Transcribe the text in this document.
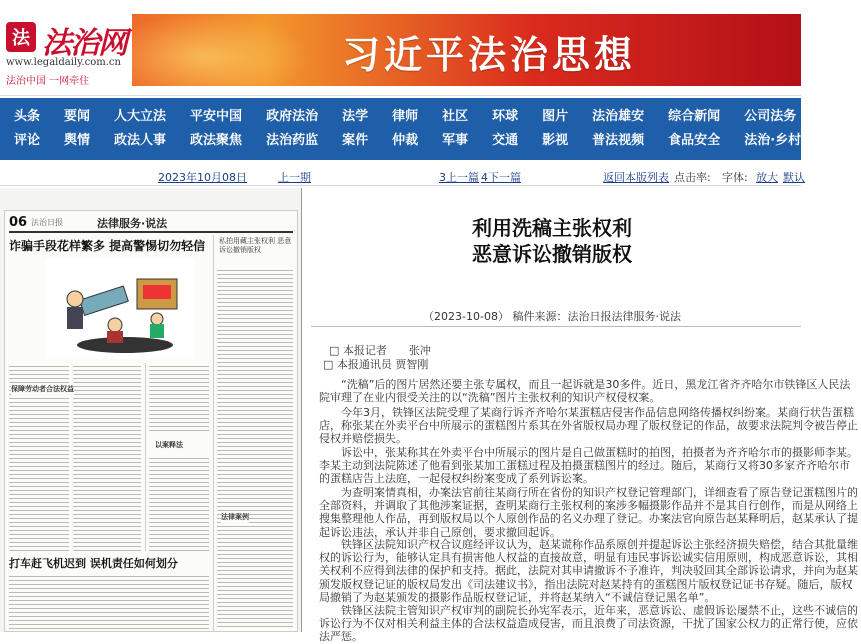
法 法治网
www.legaldaily.com.cn
法治中国 一网牵住
习近平法治思想
头条	要闻	人大立法	平安中国	政府法治	法学	律师	社区	环球	图片	法治雄安	综合新闻	公司法务	粤港
评论	舆情	政法人事	政法聚焦	法治药监	案件	仲裁	军事	交通	影视	普法视频	食品安全	法治·乡村	互联
2023年10月08日	上一期	3上一篇 4下一篇	返回本版列表 点击率: 字体: 放大 默认
06 法治日报	法律服务·说法
诈骗手段花样繁多 提高警惕切勿轻信 私拍用藏主张权利 恶意诉讼撤销版权
保障劳动者合法权益
以案释法
法律案例
打车赶飞机迟到 误机责任如何划分
利用洗稿主张权利
恶意诉讼撤销版权
（2023-10-08） 稿件来源：法治日报法律服务·说法
□ 本报记者　　张冲
□ 本报通讯员 贾智刚

“洗稿”后的图片居然还要主张专属权，而且一起诉就是30多件。近日，黑龙江省齐齐哈尔市铁锋区人民法院审理了在业内很受关注的以“洗稿”图片主张权利的知识产权侵权案。

今年3月，铁锋区法院受理了某商行诉齐齐哈尔某蛋糕店侵害作品信息网络传播权纠纷案。某商行状告蛋糕店，称张某在外卖平台中所展示的蛋糕图片系其在外省版权局办理了版权登记的作品，故要求法院判令被告停止侵权并赔偿损失。

诉讼中，张某称其在外卖平台中所展示的图片是自己做蛋糕时的拍图，拍摄者为齐齐哈尔市的摄影师李某。李某主动到法院陈述了他看到张某加工蛋糕过程及拍摄蛋糕图片的经过。随后，某商行又将30多家齐齐哈尔市的蛋糕店告上法庭，一起侵权纠纷案变成了系列诉讼案。

为查明案情真相，办案法官前往某商行所在省份的知识产权登记管理部门，详细查看了原告登记蛋糕图片的全部资料，并调取了其他涉案证据，查明某商行主张权利的案涉多幅摄影作品并不是其自行创作，而是从网络上搜集整理他人作品，再到版权局以个人原创作品的名义办理了登记。办案法官向原告赵某释明后，赵某承认了提起诉讼违法，承认并非自己原创，要求撤回起诉。

铁锋区法院知识产权合议庭经评议认为，赵某谎称作品系原创并提起诉讼主张经济损失赔偿，结合其批量维权的诉讼行为，能够认定具有损害他人权益的直接故意，明显有违民事诉讼诚实信用原则，构成恶意诉讼，其相关权利不应得到法律的保护和支持。据此，法院对其申请撤诉不予准许，判决驳回其全部诉讼请求，并向为赵某颁发版权登记证的版权局发出《司法建议书》，指出法院对赵某持有的蛋糕图片版权登记证书存疑。随后，版权局撤销了为赵某颁发的摄影作品版权登记证，并将赵某纳入“不诚信登记黑名单”。

铁锋区法院主管知识产权审判的副院长孙宪军表示，近年来，恶意诉讼、虚假诉讼屡禁不止，这些不诚信的诉讼行为不仅对相关利益主体的合法权益造成侵害，而且浪费了司法资源，干扰了国家公权力的正常行使，应依法严惩。
